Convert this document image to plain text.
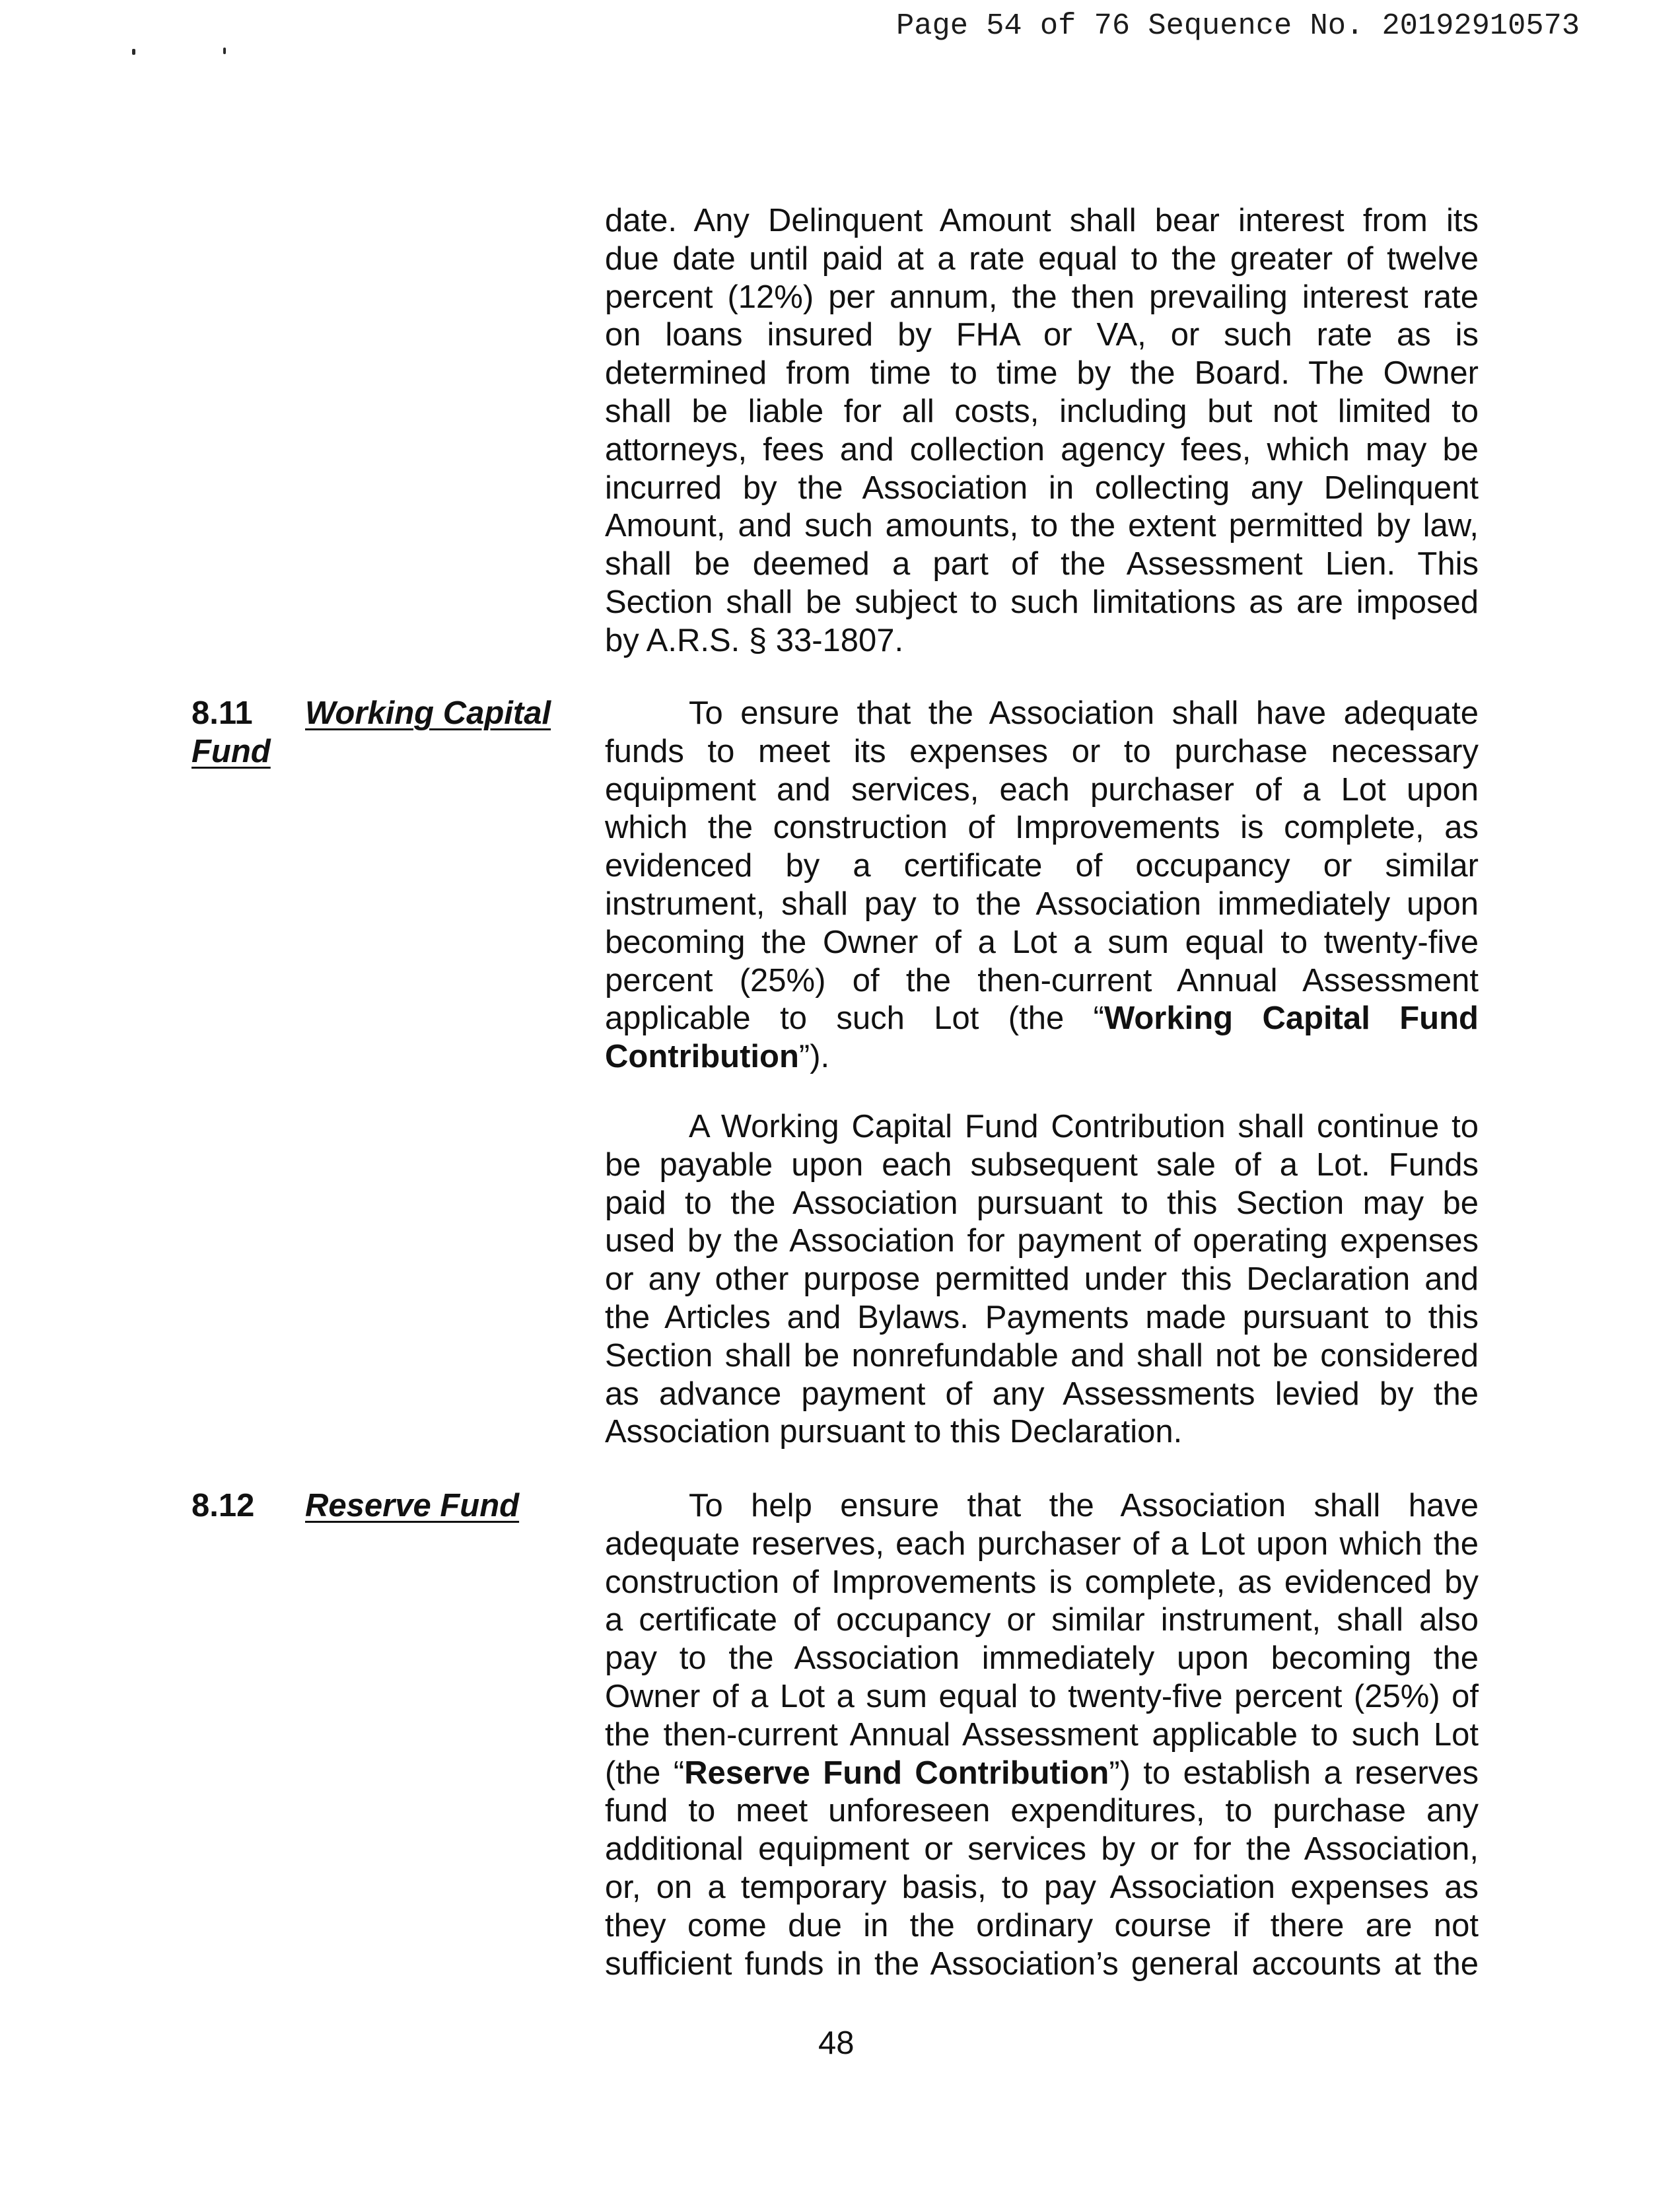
Page 54 of 76 Sequence No. 20192910573
date. Any Delinquent Amount shall bear interest from its
due date until paid at a rate equal to the greater of twelve
percent (12%) per annum, the then prevailing interest rate
on loans insured by FHA or VA, or such rate as is
determined from time to time by the Board. The Owner
shall be liable for all costs, including but not limited to
attorneys, fees and collection agency fees, which may be
incurred by the Association in collecting any Delinquent
Amount, and such amounts, to the extent permitted by law,
shall be deemed a part of the Assessment Lien. This
Section shall be subject to such limitations as are imposed
by A.R.S. § 33-1807.
8.11 Working Capital
Fund
To ensure that the Association shall have adequate
funds to meet its expenses or to purchase necessary
equipment and services, each purchaser of a Lot upon
which the construction of Improvements is complete, as
evidenced by a certificate of occupancy or similar
instrument, shall pay to the Association immediately upon
becoming the Owner of a Lot a sum equal to twenty-five
percent (25%) of the then-current Annual Assessment
applicable to such Lot (the “Working Capital Fund
Contribution”).
A Working Capital Fund Contribution shall continue to
be payable upon each subsequent sale of a Lot. Funds
paid to the Association pursuant to this Section may be
used by the Association for payment of operating expenses
or any other purpose permitted under this Declaration and
the Articles and Bylaws. Payments made pursuant to this
Section shall be nonrefundable and shall not be considered
as advance payment of any Assessments levied by the
Association pursuant to this Declaration.
8.12 Reserve Fund	To help ensure that the Association shall have
adequate reserves, each purchaser of a Lot upon which the
construction of Improvements is complete, as evidenced by
a certificate of occupancy or similar instrument, shall also
pay to the Association immediately upon becoming the
Owner of a Lot a sum equal to twenty-five percent (25%) of
the then-current Annual Assessment applicable to such Lot
(the “Reserve Fund Contribution”) to establish a reserves
fund to meet unforeseen expenditures, to purchase any
additional equipment or services by or for the Association,
or, on a temporary basis, to pay Association expenses as
they come due in the ordinary course if there are not
sufficient funds in the Association’s general accounts at the
48
